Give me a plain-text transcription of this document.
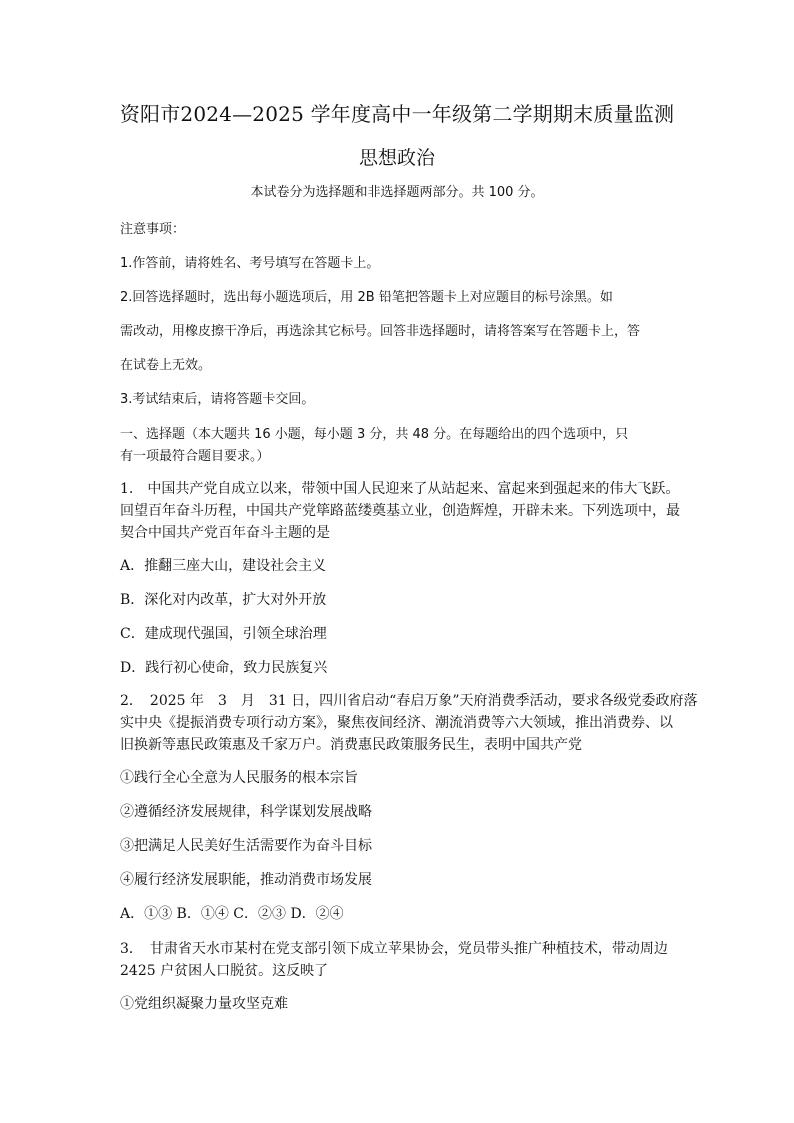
资阳市2024—2025 学年度高中一年级第二学期期末质量监测
思想政治
本试卷分为选择题和非选择题两部分。共 100 分。
注意事项：
1.作答前，请将姓名、考号填写在答题卡上。
2.回答选择题时，选出每小题选项后，用 2B 铅笔把答题卡上对应题目的标号涂黑。如
需改动，用橡皮擦干净后，再选涂其它标号。回答非选择题时，请将答案写在答题卡上，答
在试卷上无效。
3.考试结束后，请将答题卡交回。
一、选择题（本大题共 16 小题，每小题 3 分，共 48 分。在每题给出的四个选项中，只
有一项最符合题目要求。）
1.　中国共产党自成立以来，带领中国人民迎来了从站起来、富起来到强起来的伟大飞跃。
回望百年奋斗历程，中国共产党筚路蓝缕奠基立业，创造辉煌，开辟未来。下列选项中，最
契合中国共产党百年奋斗主题的是
A．推翻三座大山，建设社会主义
B．深化对内改革，扩大对外开放
C．建成现代强国，引领全球治理
D．践行初心使命，致力民族复兴
2．　2025 年　3　月　31 日，四川省启动“春启万象”天府消费季活动，要求各级党委政府落
实中央《提振消费专项行动方案》，聚焦夜间经济、潮流消费等六大领域，推出消费券、以
旧换新等惠民政策惠及千家万户。消费惠民政策服务民生，表明中国共产党
①践行全心全意为人民服务的根本宗旨
②遵循经济发展规律，科学谋划发展战略
③把满足人民美好生活需要作为奋斗目标
④履行经济发展职能，推动消费市场发展
A．①③ B．①④ C．②③ D．②④
3．　甘肃省天水市某村在党支部引领下成立苹果协会，党员带头推广种植技术，带动周边
2425 户贫困人口脱贫。这反映了
①党组织凝聚力量攻坚克难
